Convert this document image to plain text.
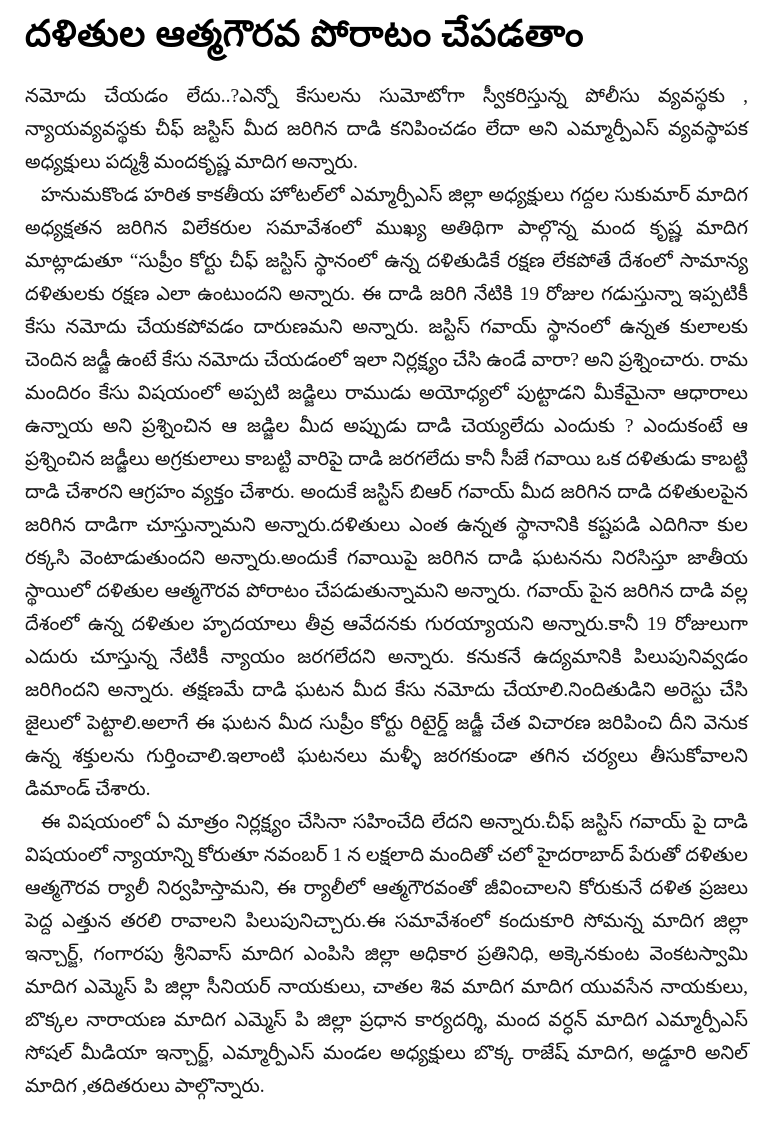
దళితుల ఆత్మగౌరవ పోరాటం చేపడతాం

నమోదు చేయడం లేదు..?ఎన్నో కేసులను సుమోటోగా స్వీకరిస్తున్న పోలీసు వ్యవస్థకు , న్యాయవ్యవస్థకు చీఫ్ జస్టిస్ మీద జరిగిన దాడి కనిపించడం లేదా అని ఎమ్మార్పీఎస్ వ్యవస్థాపక అధ్యక్షులు పద్మశ్రీ మందకృష్ణ మాదిగ అన్నారు.

హనుమకొండ హరిత కాకతీయ హోటల్‌లో ఎమ్మార్పీఎస్ జిల్లా అధ్యక్షులు గద్దల సుకుమార్ మాదిగ అధ్యక్షతన జరిగిన విలేకరుల సమావేశంలో ముఖ్య అతిథిగా పాల్గొన్న మంద కృష్ణ మాదిగ మాట్లాడుతూ “సుప్రీం కోర్టు చీఫ్ జస్టిస్ స్థానంలో ఉన్న దళితుడికే రక్షణ లేకపోతే దేశంలో సామాన్య దళితులకు రక్షణ ఎలా ఉంటుందని అన్నారు. ఈ దాడి జరిగి నేటికి 19 రోజుల గడుస్తున్నా ఇప్పటికీ కేసు నమోదు చేయకపోవడం దారుణమని అన్నారు. జస్టిస్ గవాయ్ స్థానంలో ఉన్నత కులాలకు చెందిన జడ్జీ ఉంటే కేసు నమోదు చేయడంలో ఇలా నిర్లక్ష్యం చేసి ఉండే వారా? అని ప్రశ్నించారు. రామ మందిరం కేసు విషయంలో అప్పటి జడ్జిలు రాముడు అయోధ్యలో పుట్టాడని మీకేమైనా ఆధారాలు ఉన్నాయ అని ప్రశ్నించిన ఆ జడ్జిల మీద అప్పుడు దాడి చెయ్యలేదు ఎందుకు ? ఎందుకంటే ఆ ప్రశ్నించిన జడ్జీలు అగ్రకులాలు కాబట్టి వారిపై దాడి జరగలేదు కానీ సీజే గవాయి ఒక దళితుడు కాబట్టి దాడి చేశారని ఆగ్రహం వ్యక్తం చేశారు. అందుకే జస్టిస్ బిఆర్ గవాయ్ మీద జరిగిన దాడి దళితులపైన జరిగిన దాడిగా చూస్తున్నామని అన్నారు.దళితులు ఎంత ఉన్నత స్థానానికి కష్టపడి ఎదిగినా కుల రక్కసి వెంటాడుతుందని అన్నారు.అందుకే గవాయిపై జరిగిన దాడి ఘటనను నిరసిస్తూ జాతీయ స్థాయిలో దళితుల ఆత్మగౌరవ పోరాటం చేపడుతున్నామని అన్నారు. గవాయ్ పైన జరిగిన దాడి వల్ల దేశంలో ఉన్న దళితుల హృదయాలు తీవ్ర ఆవేదనకు గురయ్యాయని అన్నారు.కానీ 19 రోజులుగా ఎదురు చూస్తున్న నేటికీ న్యాయం జరగలేదని అన్నారు. కనుకనే ఉద్యమానికి పిలుపునివ్వడం జరిగిందని అన్నారు. తక్షణమే దాడి ఘటన మీద కేసు నమోదు చేయాలి.నిందితుడిని అరెస్టు చేసి జైలులో పెట్టాలి.అలాగే ఈ ఘటన మీద సుప్రీం కోర్టు రిటైర్డ్ జడ్జీ చేత విచారణ జరిపించి దీని వెనుక ఉన్న శక్తులను గుర్తించాలి.ఇలాంటి ఘటనలు మళ్ళీ జరగకుండా తగిన చర్యలు తీసుకోవాలని డిమాండ్ చేశారు.

ఈ విషయంలో ఏ మాత్రం నిర్లక్ష్యం చేసినా సహించేది లేదని అన్నారు.చీఫ్ జస్టిస్ గవాయ్ పై దాడి విషయంలో న్యాయాన్ని కోరుతూ నవంబర్ 1 న లక్షలాది మందితో చలో హైదరాబాద్ పేరుతో దళితుల ఆత్మగౌరవ ర్యాలీ నిర్వహిస్తామని, ఈ ర్యాలీలో ఆత్మగౌరవంతో జీవించాలని కోరుకునే దళిత ప్రజలు పెద్ద ఎత్తున తరలి రావాలని పిలుపునిచ్చారు.ఈ సమావేశంలో కందుకూరి సోమన్న మాదిగ జిల్లా ఇన్చార్జ్, గంగారపు శ్రీనివాస్ మాదిగ ఎంపిసి జిల్లా అధికార ప్రతినిధి, అక్కెనకుంట వెంకటస్వామి మాదిగ ఎమ్మెస్ పి జిల్లా సీనియర్ నాయకులు, చాతల శివ మాదిగ మాదిగ యువసేన నాయకులు, బొక్కల నారాయణ మాదిగ ఎమ్మెస్ పి జిల్లా ప్రధాన కార్యదర్శి, మంద వర్ధన్ మాదిగ ఎమ్మార్పీఎస్ సోషల్ మీడియా ఇన్చార్జ్, ఎమ్మార్పీఎస్ మండల అధ్యక్షులు బొక్క రాజేష్ మాదిగ, అడ్డూరి అనిల్ మాదిగ ,తదితరులు పాల్గొన్నారు.
